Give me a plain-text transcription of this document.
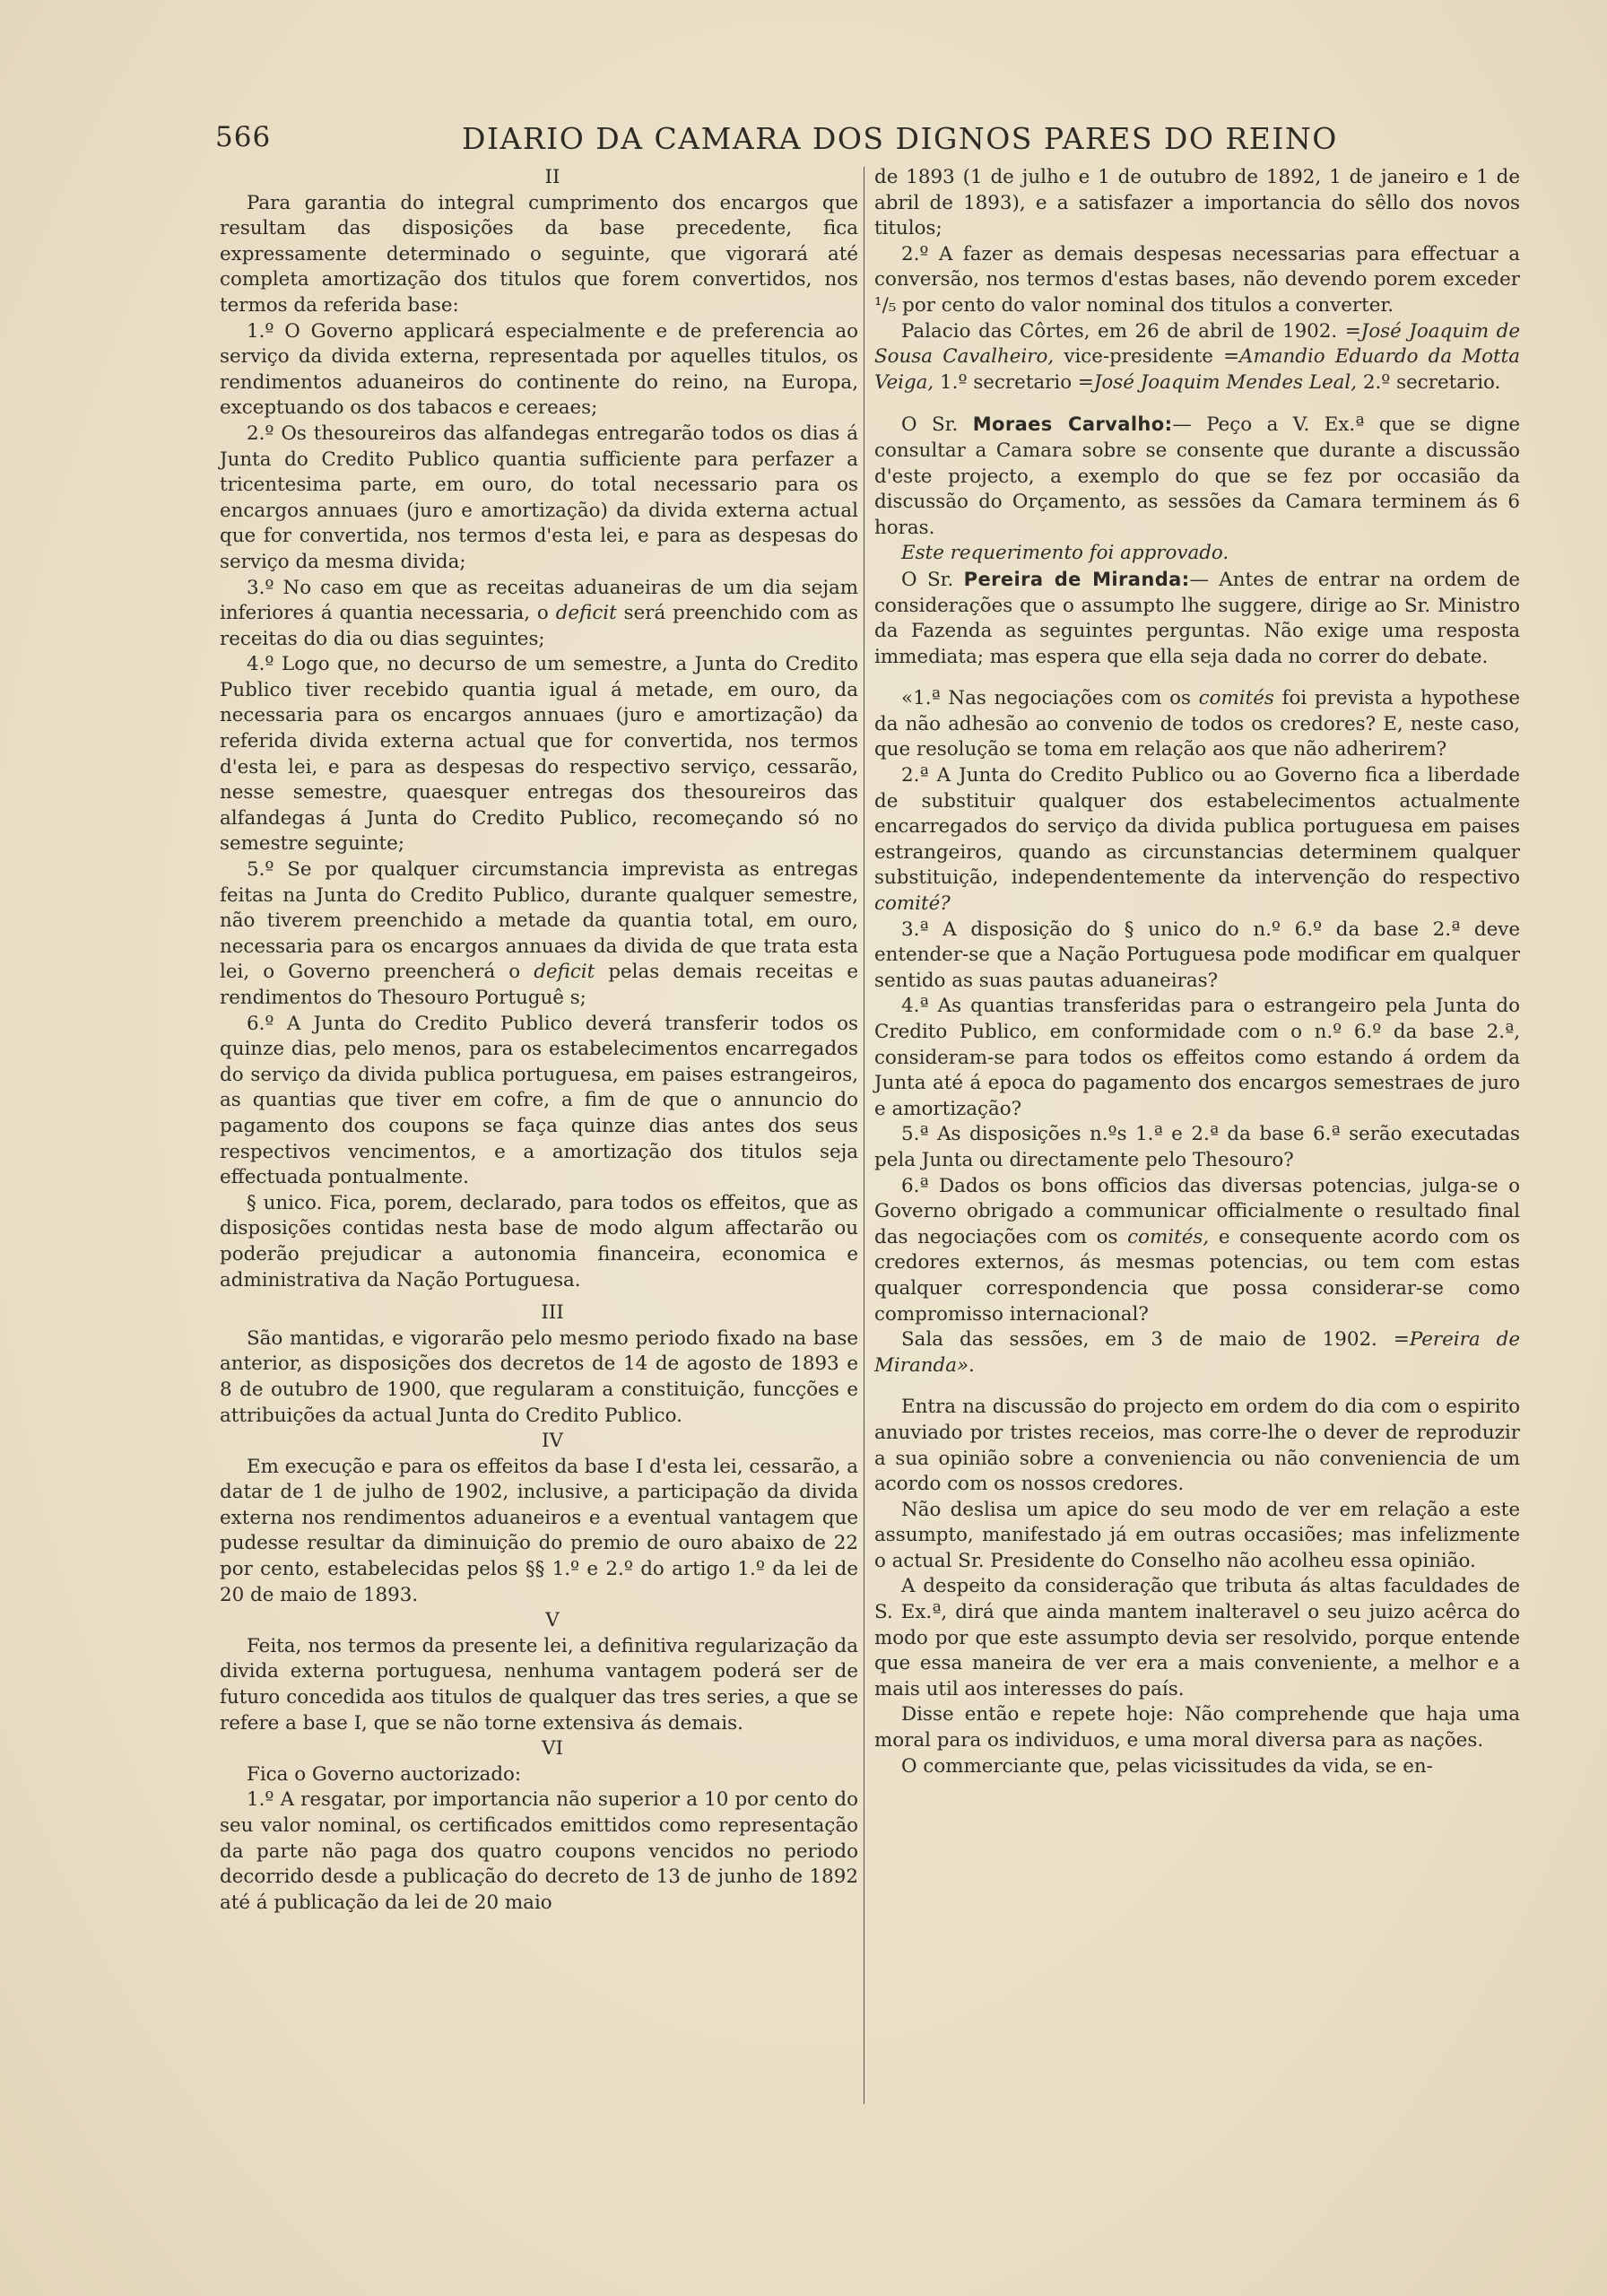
566	DIARIO DA CAMARA DOS DIGNOS PARES DO REINO

II

Para garantia do integral cumprimento dos encargos que resultam das disposições da base precedente, fica expressamente determinado o seguinte, que vigorará até completa amortização dos titulos que forem convertidos, nos termos da referida base:

1.º O Governo applicará especialmente e de preferencia ao serviço da divida externa, representada por aquelles titulos, os rendimentos aduaneiros do continente do reino, na Europa, exceptuando os dos tabacos e cereaes;

2.º Os thesoureiros das alfandegas entregarão todos os dias á Junta do Credito Publico quantia sufficiente para perfazer a tricentesima parte, em ouro, do total necessario para os encargos annuaes (juro e amortização) da divida externa actual que for convertida, nos termos d'esta lei, e para as despesas do serviço da mesma divida;

3.º No caso em que as receitas aduaneiras de um dia sejam inferiores á quantia necessaria, o deficit será preenchido com as receitas do dia ou dias seguintes;

4.º Logo que, no decurso de um semestre, a Junta do Credito Publico tiver recebido quantia igual á metade, em ouro, da necessaria para os encargos annuaes (juro e amortização) da referida divida externa actual que for convertida, nos termos d'esta lei, e para as despesas do respectivo serviço, cessarão, nesse semestre, quaesquer entregas dos thesoureiros das alfandegas á Junta do Credito Publico, recomeçando só no semestre seguinte;

5.º Se por qualquer circumstancia imprevista as entregas feitas na Junta do Credito Publico, durante qualquer semestre, não tiverem preenchido a metade da quantia total, em ouro, necessaria para os encargos annuaes da divida de que trata esta lei, o Governo preencherá o deficit pelas demais receitas e rendimentos do Thesouro Portuguê s;

6.º A Junta do Credito Publico deverá transferir todos os quinze dias, pelo menos, para os estabelecimentos encarregados do serviço da divida publica portuguesa, em paises estrangeiros, as quantias que tiver em cofre, a fim de que o annuncio do pagamento dos coupons se faça quinze dias antes dos seus respectivos vencimentos, e a amortização dos titulos seja effectuada pontualmente.

§ unico. Fica, porem, declarado, para todos os effeitos, que as disposições contidas nesta base de modo algum affectarão ou poderão prejudicar a autonomia financeira, economica e administrativa da Nação Portuguesa.

III

São mantidas, e vigorarão pelo mesmo periodo fixado na base anterior, as disposições dos decretos de 14 de agosto de 1893 e 8 de outubro de 1900, que regularam a constituição, funcções e attribuições da actual Junta do Credito Publico.

IV

Em execução e para os effeitos da base I d'esta lei, cessarão, a datar de 1 de julho de 1902, inclusive, a participação da divida externa nos rendimentos aduaneiros e a eventual vantagem que pudesse resultar da diminuição do premio de ouro abaixo de 22 por cento, estabelecidas pelos §§ 1.º e 2.º do artigo 1.º da lei de 20 de maio de 1893.

V

Feita, nos termos da presente lei, a definitiva regularização da divida externa portuguesa, nenhuma vantagem poderá ser de futuro concedida aos titulos de qualquer das tres series, a que se refere a base I, que se não torne extensiva ás demais.

VI

Fica o Governo auctorizado:

1.º A resgatar, por importancia não superior a 10 por cento do seu valor nominal, os certificados emittidos como representação da parte não paga dos quatro coupons vencidos no periodo decorrido desde a publicação do decreto de 13 de junho de 1892 até á publicação da lei de 20 maio

de 1893 (1 de julho e 1 de outubro de 1892, 1 de janeiro e 1 de abril de 1893), e a satisfazer a importancia do sêllo dos novos titulos;

2.º A fazer as demais despesas necessarias para effectuar a conversão, nos termos d'estas bases, não devendo porem exceder ¹/₅ por cento do valor nominal dos titulos a converter.

Palacio das Côrtes, em 26 de abril de 1902. =José Joaquim de Sousa Cavalheiro, vice-presidente =Amandio Eduardo da Motta Veiga, 1.º secretario =José Joaquim Mendes Leal, 2.º secretario.

O Sr. Moraes Carvalho:— Peço a V. Ex.ª que se digne consultar a Camara sobre se consente que durante a discussão d'este projecto, a exemplo do que se fez por occasião da discussão do Orçamento, as sessões da Camara terminem ás 6 horas.

Este requerimento foi approvado.

O Sr. Pereira de Miranda:— Antes de entrar na ordem de considerações que o assumpto lhe suggere, dirige ao Sr. Ministro da Fazenda as seguintes perguntas. Não exige uma resposta immediata; mas espera que ella seja dada no correr do debate.

«1.ª Nas negociações com os comités foi prevista a hypothese da não adhesão ao convenio de todos os credores? E, neste caso, que resolução se toma em relação aos que não adherirem?

2.ª A Junta do Credito Publico ou ao Governo fica a liberdade de substituir qualquer dos estabelecimentos actualmente encarregados do serviço da divida publica portuguesa em paises estrangeiros, quando as circunstancias determinem qualquer substituição, independentemente da intervenção do respectivo comité?

3.ª A disposição do § unico do n.º 6.º da base 2.ª deve entender-se que a Nação Portuguesa pode modificar em qualquer sentido as suas pautas aduaneiras?

4.ª As quantias transferidas para o estrangeiro pela Junta do Credito Publico, em conformidade com o n.º 6.º da base 2.ª, consideram-se para todos os effeitos como estando á ordem da Junta até á epoca do pagamento dos encargos semestraes de juro e amortização?

5.ª As disposições n.ºs 1.ª e 2.ª da base 6.ª serão executadas pela Junta ou directamente pelo Thesouro?

6.ª Dados os bons officios das diversas potencias, julga-se o Governo obrigado a communicar officialmente o resultado final das negociações com os comités, e consequente acordo com os credores externos, ás mesmas potencias, ou tem com estas qualquer correspondencia que possa considerar-se como compromisso internacional?

Sala das sessões, em 3 de maio de 1902. =Pereira de Miranda».

Entra na discussão do projecto em ordem do dia com o espirito anuviado por tristes receios, mas corre-lhe o dever de reproduzir a sua opinião sobre a conveniencia ou não conveniencia de um acordo com os nossos credores.

Não deslisa um apice do seu modo de ver em relação a este assumpto, manifestado já em outras occasiões; mas infelizmente o actual Sr. Presidente do Conselho não acolheu essa opinião.

A despeito da consideração que tributa ás altas faculdades de S. Ex.ª, dirá que ainda mantem inalteravel o seu juizo acêrca do modo por que este assumpto devia ser resolvido, porque entende que essa maneira de ver era a mais conveniente, a melhor e a mais util aos interesses do país.

Disse então e repete hoje: Não comprehende que haja uma moral para os individuos, e uma moral diversa para as nações.

O commerciante que, pelas vicissitudes da vida, se en-
